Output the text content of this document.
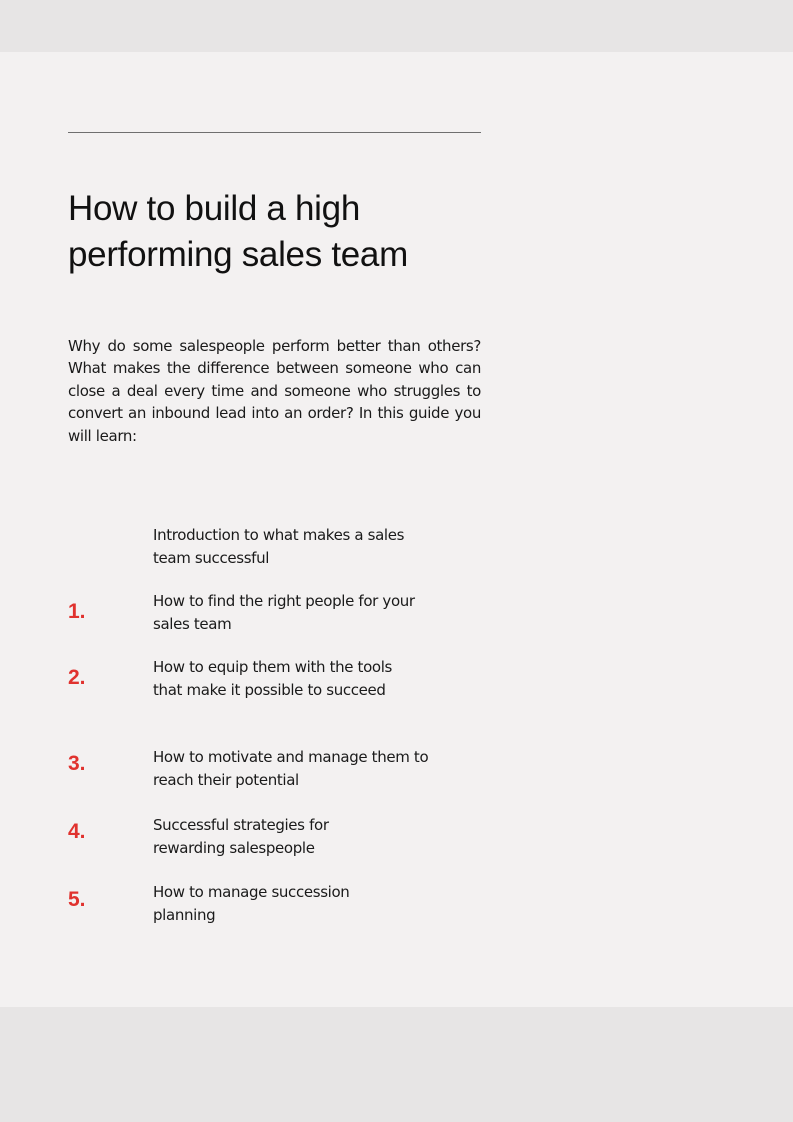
How to build a high performing sales team

Why do some salespeople perform better than others? What makes the difference between someone who can close a deal every time and someone who struggles to convert an inbound lead into an order? In this guide you will learn:

1.
2.
3.
4.
5.
Introduction to what makes a sales team successful
How to find the right people for your sales team
How to equip them with the tools that make it possible to succeed
How to motivate and manage them to reach their potential
Successful strategies for rewarding salespeople
How to manage succession planning
